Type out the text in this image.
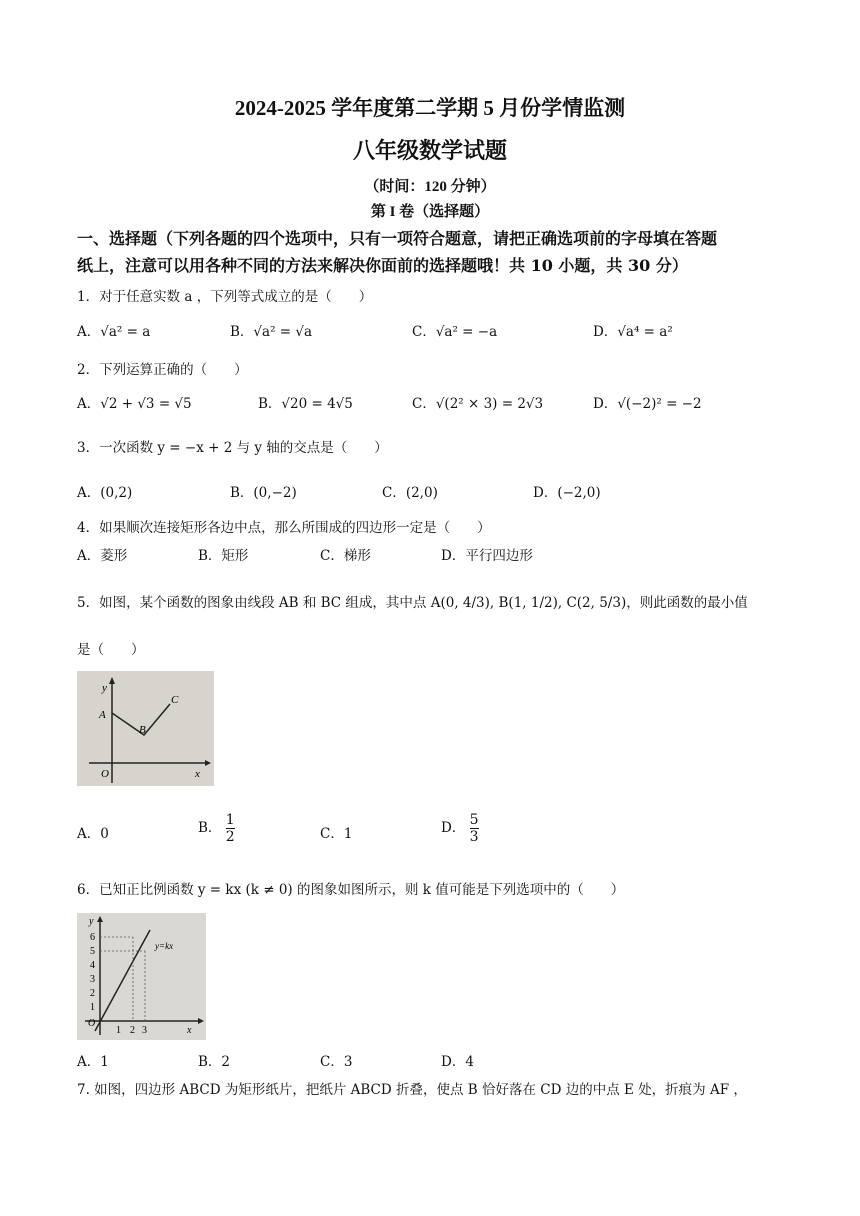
2024-2025 学年度第二学期 5 月份学情监测
八年级数学试题
（时间：120 分钟）
第 I 卷（选择题）
一、选择题（下列各题的四个选项中，只有一项符合题意，请把正确选项前的字母填在答题
纸上，注意可以用各种不同的方法来解决你面前的选择题哦！共 10 小题，共 30 分）
1．对于任意实数 a ，下列等式成立的是（　　）
A．√a² = a	B．√a² = √a	C．√a² = −a	D．√a⁴ = a²
2．下列运算正确的（　　）
A．√2 + √3 = √5	B．√20 = 4√5	C．√(2² × 3) = 2√3	D．√(−2)² = −2
3．一次函数 y = −x + 2 与 y 轴的交点是（　　）
A．(0,2)	B．(0,−2)	C．(2,0)	D．(−2,0)
4．如果顺次连接矩形各边中点，那么所围成的四边形一定是（　　）
A．菱形	B．矩形	C．梯形	D．平行四边形
5．如图，某个函数的图象由线段 AB 和 BC 组成，其中点 A(0, 4/3), B(1, 1/2), C(2, 5/3)，则此函数的最小值
是（　　）
y
A
B
C
O	x
A．0	B． $\frac{1}{2}$	C．1	D． $\frac{5}{3}$
6．已知正比例函数 y = kx (k ≠ 0) 的图象如图所示，则 k 值可能是下列选项中的（　　）
y
6
5
4
3
2
1
O
1 2 3	x
y=kx
A．1	B．2	C．3	D．4
7. 如图，四边形 ABCD 为矩形纸片，把纸片 ABCD 折叠，使点 B 恰好落在 CD 边的中点 E 处，折痕为 AF ，
